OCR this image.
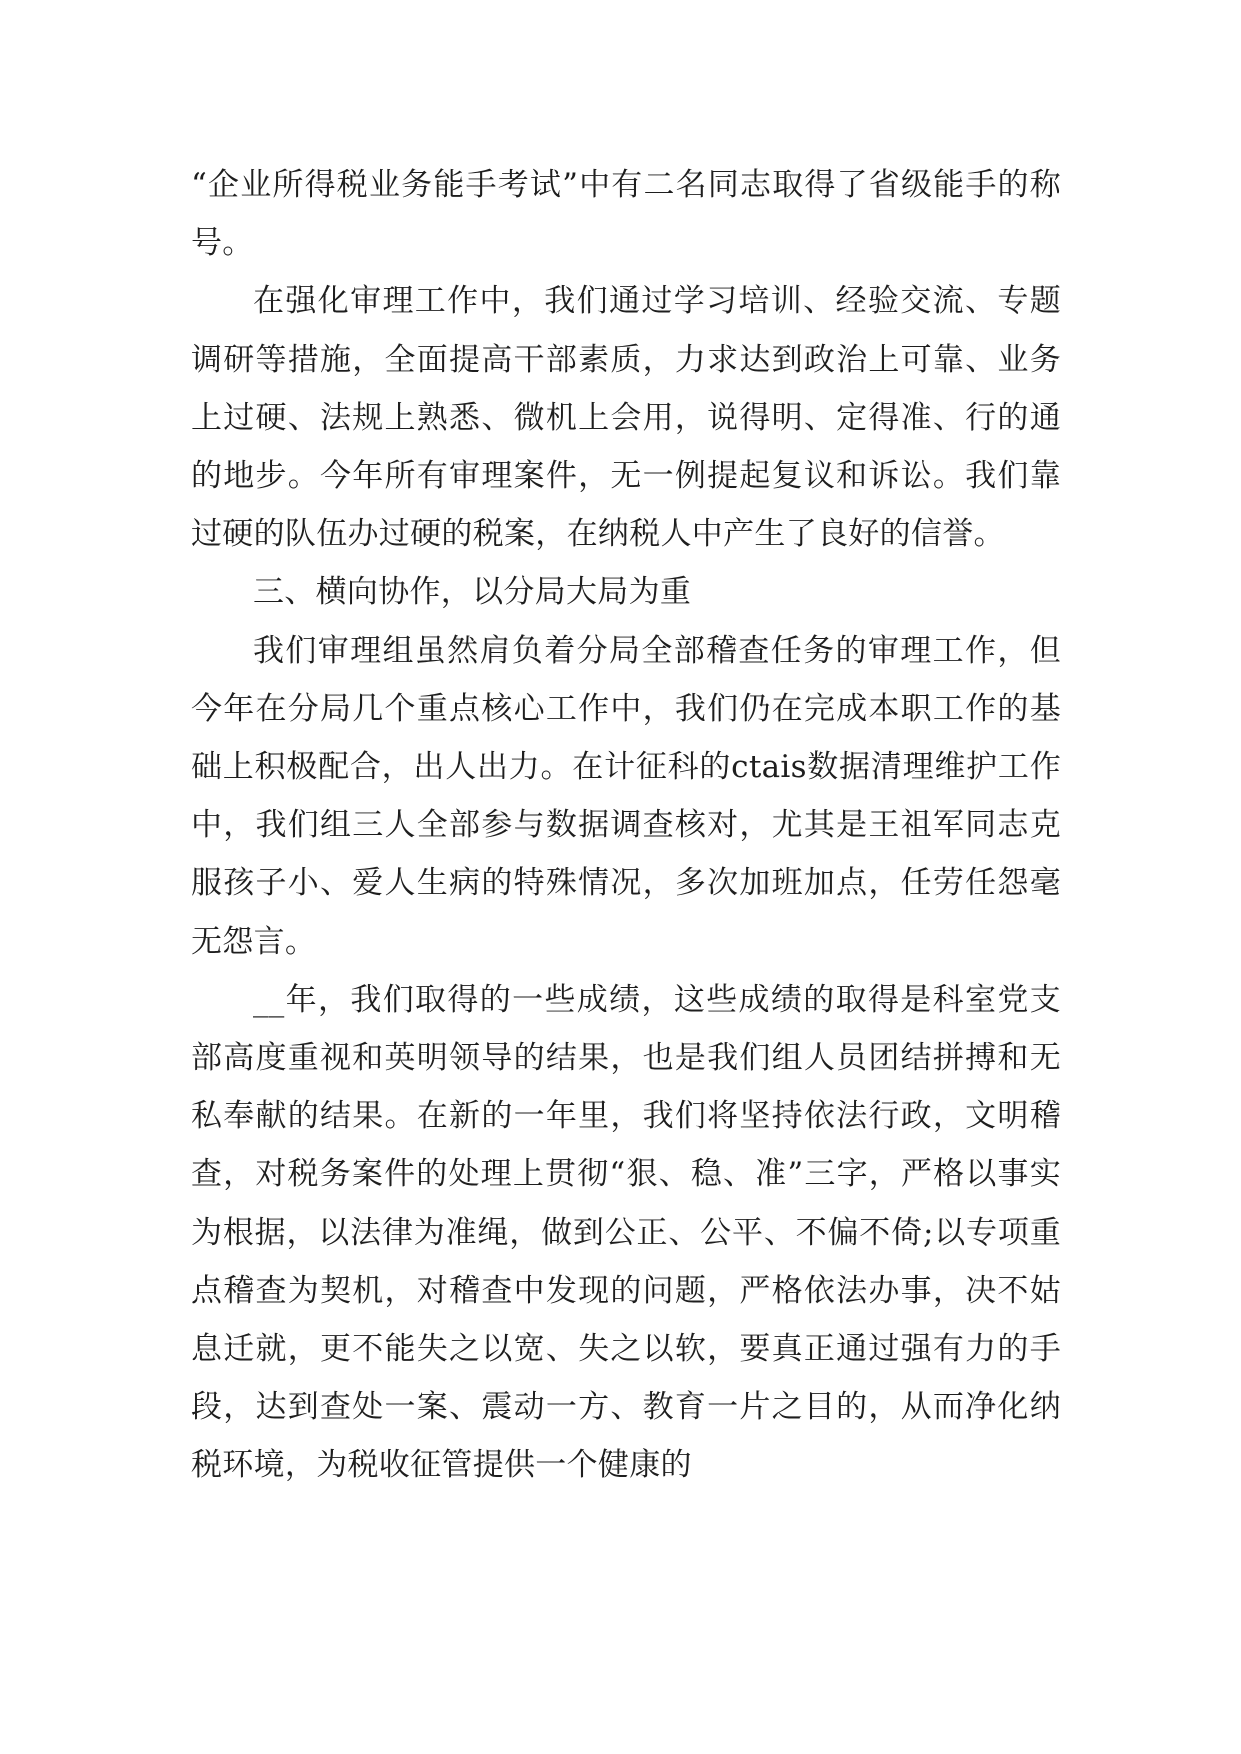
“企业所得税业务能手考试”中有二名同志取得了省级能手的称号。

在强化审理工作中，我们通过学习培训、经验交流、专题调研等措施，全面提高干部素质，力求达到政治上可靠、业务上过硬、法规上熟悉、微机上会用，说得明、定得准、行的通的地步。今年所有审理案件，无一例提起复议和诉讼。我们靠过硬的队伍办过硬的税案，在纳税人中产生了良好的信誉。

三、横向协作，以分局大局为重

我们审理组虽然肩负着分局全部稽查任务的审理工作，但今年在分局几个重点核心工作中，我们仍在完成本职工作的基础上积极配合，出人出力。在计征科的ctais数据清理维护工作中，我们组三人全部参与数据调查核对，尤其是王祖军同志克服孩子小、爱人生病的特殊情况，多次加班加点，任劳任怨毫无怨言。

__年，我们取得的一些成绩，这些成绩的取得是科室党支部高度重视和英明领导的结果，也是我们组人员团结拼搏和无私奉献的结果。在新的一年里，我们将坚持依法行政，文明稽查，对税务案件的处理上贯彻“狠、稳、准”三字，严格以事实为根据，以法律为准绳，做到公正、公平、不偏不倚;以专项重点稽查为契机，对稽查中发现的问题，严格依法办事，决不姑息迁就，更不能失之以宽、失之以软，要真正通过强有力的手段，达到查处一案、震动一方、教育一片之目的，从而净化纳税环境，为税收征管提供一个健康的
